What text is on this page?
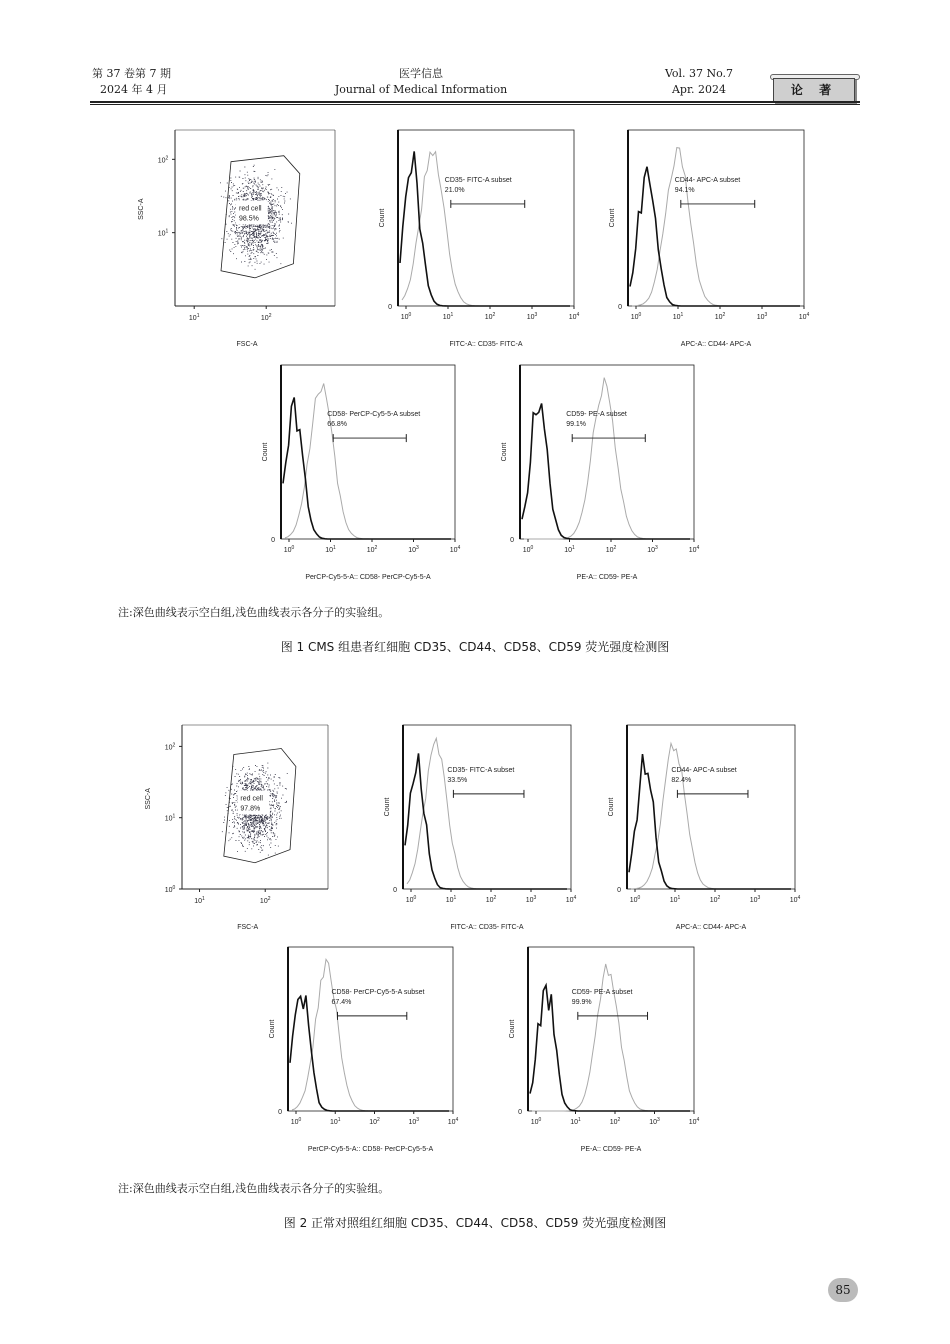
第 37 卷第 7 期
2024 年 4 月
医学信息
Journal of Medical Information
Vol. 37 No.7
Apr. 2024	论 著
red cell
98.5%
$10^1$
$10^2$
$10^1$	$10^2$
SSC-A
FSC-A
CD35- FITC-A subset
21.0%
$10^0$	$10^1$	$10^2$	$10^3$	$10^4$
0
Count
FITC-A:: CD35- FITC-A
CD44- APC-A subset
94.1%
$10^0$	$10^1$	$10^2$	$10^3$	$10^4$
0
Count
APC-A:: CD44- APC-A
CD58- PerCP-Cy5-5-A subset
66.8%
$10^0$	$10^1$	$10^2$	$10^3$	$10^4$
0
Count
PerCP-Cy5-5-A:: CD58- PerCP-Cy5-5-A
CD59- PE-A subset
99.1%
$10^0$	$10^1$	$10^2$	$10^3$	$10^4$
0
Count
PE-A:: CD59- PE-A
注:深色曲线表示空白组,浅色曲线表示各分子的实验组。
图 1 CMS 组患者红细胞 CD35、CD44、CD58、CD59 荧光强度检测图
red cell
97.8%
$10^0$
$10^1$
$10^2$
$10^1$	$10^2$
SSC-A
FSC-A
CD35- FITC-A subset
33.5%
$10^0$	$10^1$	$10^2$	$10^3$	$10^4$
0
Count
FITC-A:: CD35- FITC-A
CD44- APC-A subset
82.4%
$10^0$	$10^1$	$10^2$	$10^3$	$10^4$
0
Count
APC-A:: CD44- APC-A
CD58- PerCP-Cy5-5-A subset
67.4%
$10^0$	$10^1$	$10^2$	$10^3$	$10^4$
0
Count
PerCP-Cy5-5-A:: CD58- PerCP-Cy5-5-A
CD59- PE-A subset
99.9%
$10^0$	$10^1$	$10^2$	$10^3$	$10^4$
0
Count
PE-A:: CD59- PE-A
注:深色曲线表示空白组,浅色曲线表示各分子的实验组。
图 2 正常对照组红细胞 CD35、CD44、CD58、CD59 荧光强度检测图
85
